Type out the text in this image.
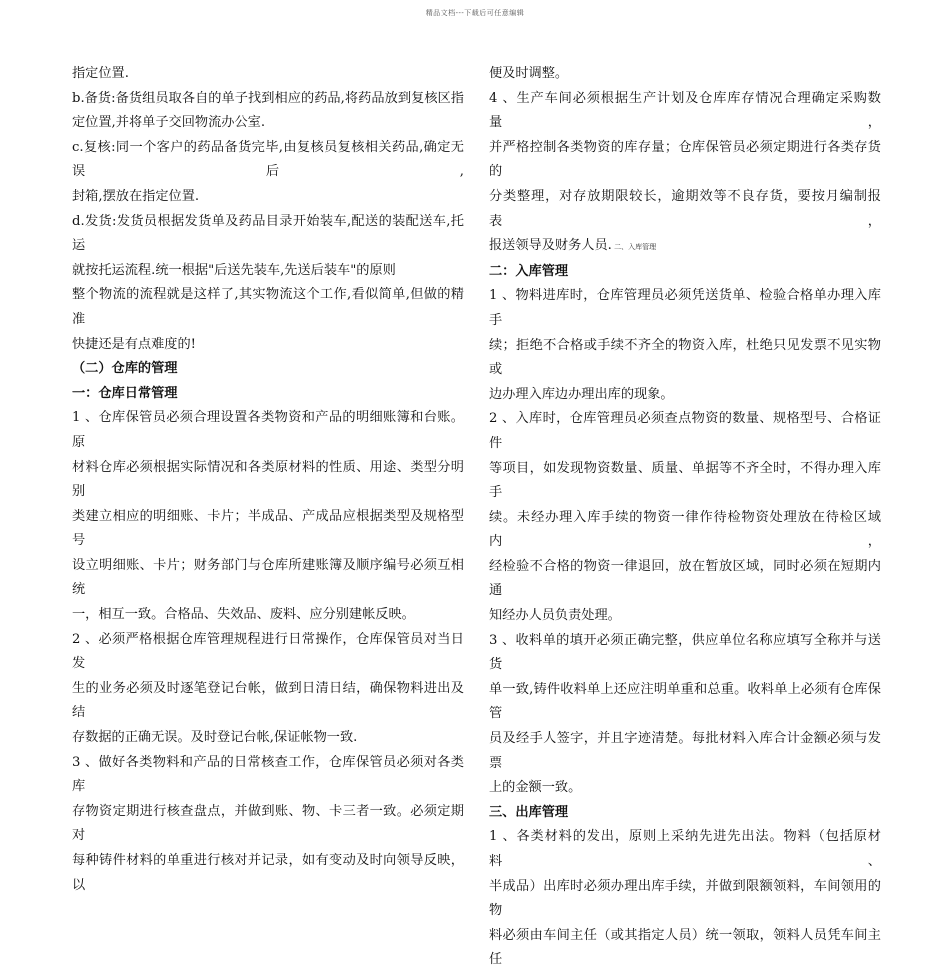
精品文档---下载后可任意编辑
指定位置.
b.备货:备货组员取各自的单子找到相应的药品,将药品放到复核区指
定位置,并将单子交回物流办公室.
c.复核:同一个客户的药品备货完毕,由复核员复核相关药品,确定无误后,
封箱,摆放在指定位置.
d.发货:发货员根据发货单及药品目录开始装车,配送的装配送车,托运
就按托运流程.统一根据"后送先装车,先送后装车"的原则
整个物流的流程就是这样了,其实物流这个工作,看似简单,但做的精准
快捷还是有点难度的!
（二）仓库的管理
一：仓库日常管理
1 、仓库保管员必须合理设置各类物资和产品的明细账簿和台账。原
材料仓库必须根据实际情况和各类原材料的性质、用途、类型分明别
类建立相应的明细账、卡片；半成品、产成品应根据类型及规格型号
设立明细账、卡片；财务部门与仓库所建账簿及顺序编号必须互相统
一，相互一致。合格品、失效品、废料、应分别建帐反映。
2 、必须严格根据仓库管理规程进行日常操作，仓库保管员对当日发
生的业务必须及时逐笔登记台帐，做到日清日结，确保物料进出及结
存数据的正确无误。及时登记台帐,保证帐物一致.
3 、做好各类物料和产品的日常核查工作，仓库保管员必须对各类库
存物资定期进行核查盘点，并做到账、物、卡三者一致。必须定期对
每种铸件材料的单重进行核对并记录，如有变动及时向领导反映，以
便及时调整。
4 、生产车间必须根据生产计划及仓库库存情况合理确定采购数量，
并严格控制各类物资的库存量；仓库保管员必须定期进行各类存货的
分类整理，对存放期限较长，逾期效等不良存货，要按月编制报表，
报送领导及财务人员. 二、入库管理
二：入库管理
1 、物料进库时，仓库管理员必须凭送货单、检验合格单办理入库手
续；拒绝不合格或手续不齐全的物资入库，杜绝只见发票不见实物或
边办理入库边办理出库的现象。
2 、入库时，仓库管理员必须查点物资的数量、规格型号、合格证件
等项目，如发现物资数量、质量、单据等不齐全时，不得办理入库手
续。未经办理入库手续的物资一律作待检物资处理放在待检区域内，
经检验不合格的物资一律退回，放在暂放区域，同时必须在短期内通
知经办人员负责处理。
3 、收料单的填开必须正确完整，供应单位名称应填写全称并与送货
单一致,铸件收料单上还应注明单重和总重。收料单上必须有仓库保管
员及经手人签字，并且字迹清楚。每批材料入库合计金额必须与发票
上的金额一致。
三、出库管理
1 、各类材料的发出，原则上采纳先进先出法。物料（包括原材料、
半成品）出库时必须办理出库手续，并做到限额领料，车间领用的物
料必须由车间主任（或其指定人员）统一领取，领料人员凭车间主任
